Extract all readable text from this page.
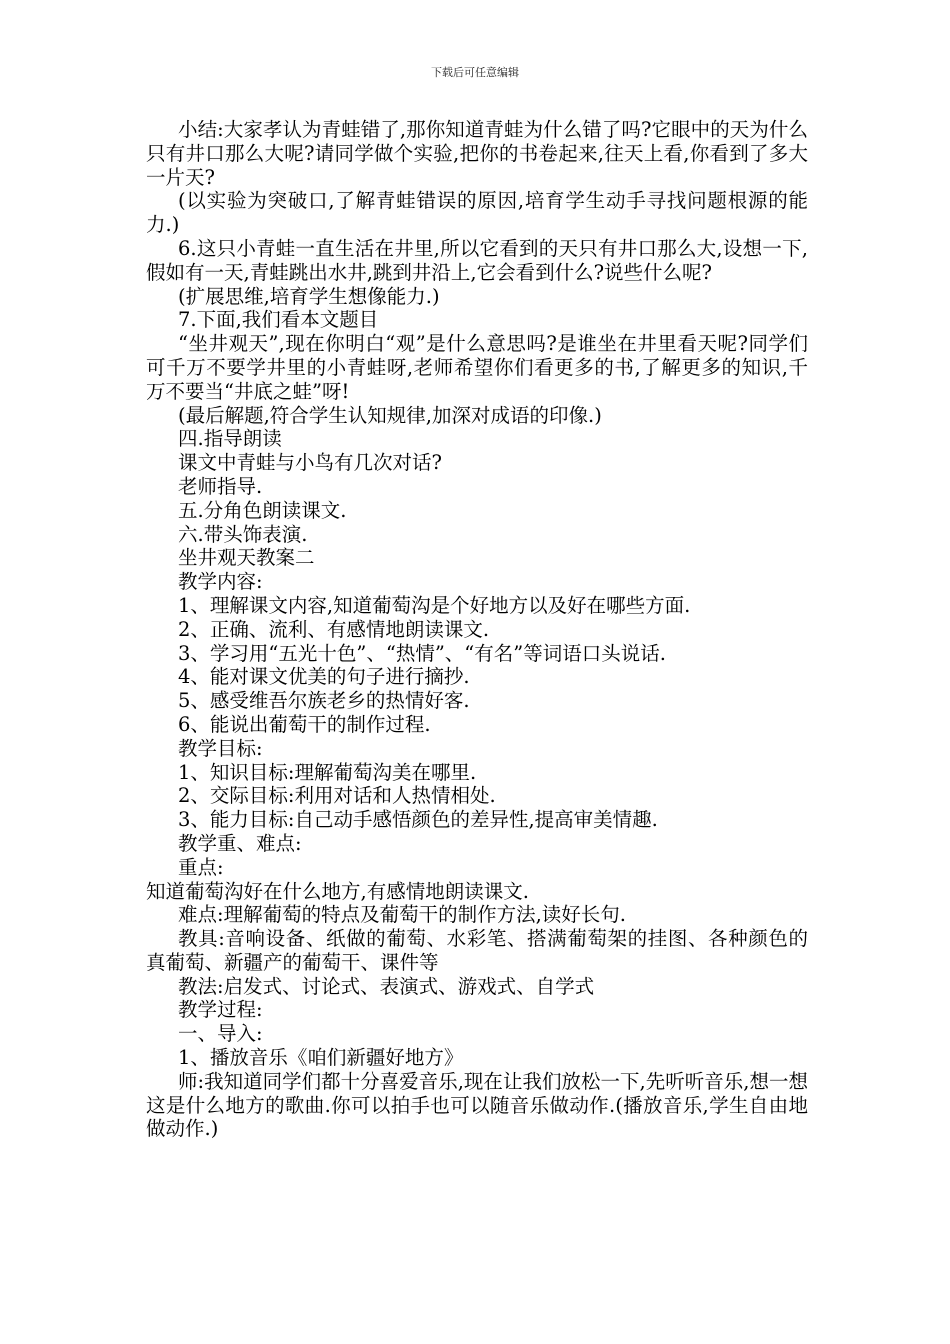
下载后可任意编辑

小结:大家孝认为青蛙错了,那你知道青蛙为什么错了吗?它眼中的天为什么只有井口那么大呢?请同学做个实验,把你的书卷起来,往天上看,你看到了多大一片天?

(以实验为突破口,了解青蛙错误的原因,培育学生动手寻找问题根源的能力.)

6.这只小青蛙一直生活在井里,所以它看到的天只有井口那么大,设想一下,假如有一天,青蛙跳出水井,跳到井沿上,它会看到什么?说些什么呢?

(扩展思维,培育学生想像能力.)

7.下面,我们看本文题目

“坐井观天”,现在你明白“观”是什么意思吗?是谁坐在井里看天呢?同学们可千万不要学井里的小青蛙呀,老师希望你们看更多的书,了解更多的知识,千万不要当“井底之蛙”呀!

(最后解题,符合学生认知规律,加深对成语的印像.)

四.指导朗读

课文中青蛙与小鸟有几次对话?

老师指导.

五.分角色朗读课文.

六.带头饰表演.

坐井观天教案二

教学内容:

1、理解课文内容,知道葡萄沟是个好地方以及好在哪些方面.

2、正确、流利、有感情地朗读课文.

3、学习用“五光十色”、“热情”、“有名”等词语口头说话.

4、能对课文优美的句子进行摘抄.

5、感受维吾尔族老乡的热情好客.

6、能说出葡萄干的制作过程.

教学目标:

1、知识目标:理解葡萄沟美在哪里.

2、交际目标:利用对话和人热情相处.

3、能力目标:自己动手感悟颜色的差异性,提高审美情趣.

教学重、难点:

重点:

知道葡萄沟好在什么地方,有感情地朗读课文.

难点:理解葡萄的特点及葡萄干的制作方法,读好长句.

教具:音响设备、纸做的葡萄、水彩笔、搭满葡萄架的挂图、各种颜色的真葡萄、新疆产的葡萄干、课件等

教法:启发式、讨论式、表演式、游戏式、自学式

教学过程:

一、导入:

1、播放音乐《咱们新疆好地方》

师:我知道同学们都十分喜爱音乐,现在让我们放松一下,先听听音乐,想一想这是什么地方的歌曲.你可以拍手也可以随音乐做动作.(播放音乐,学生自由地做动作.)
